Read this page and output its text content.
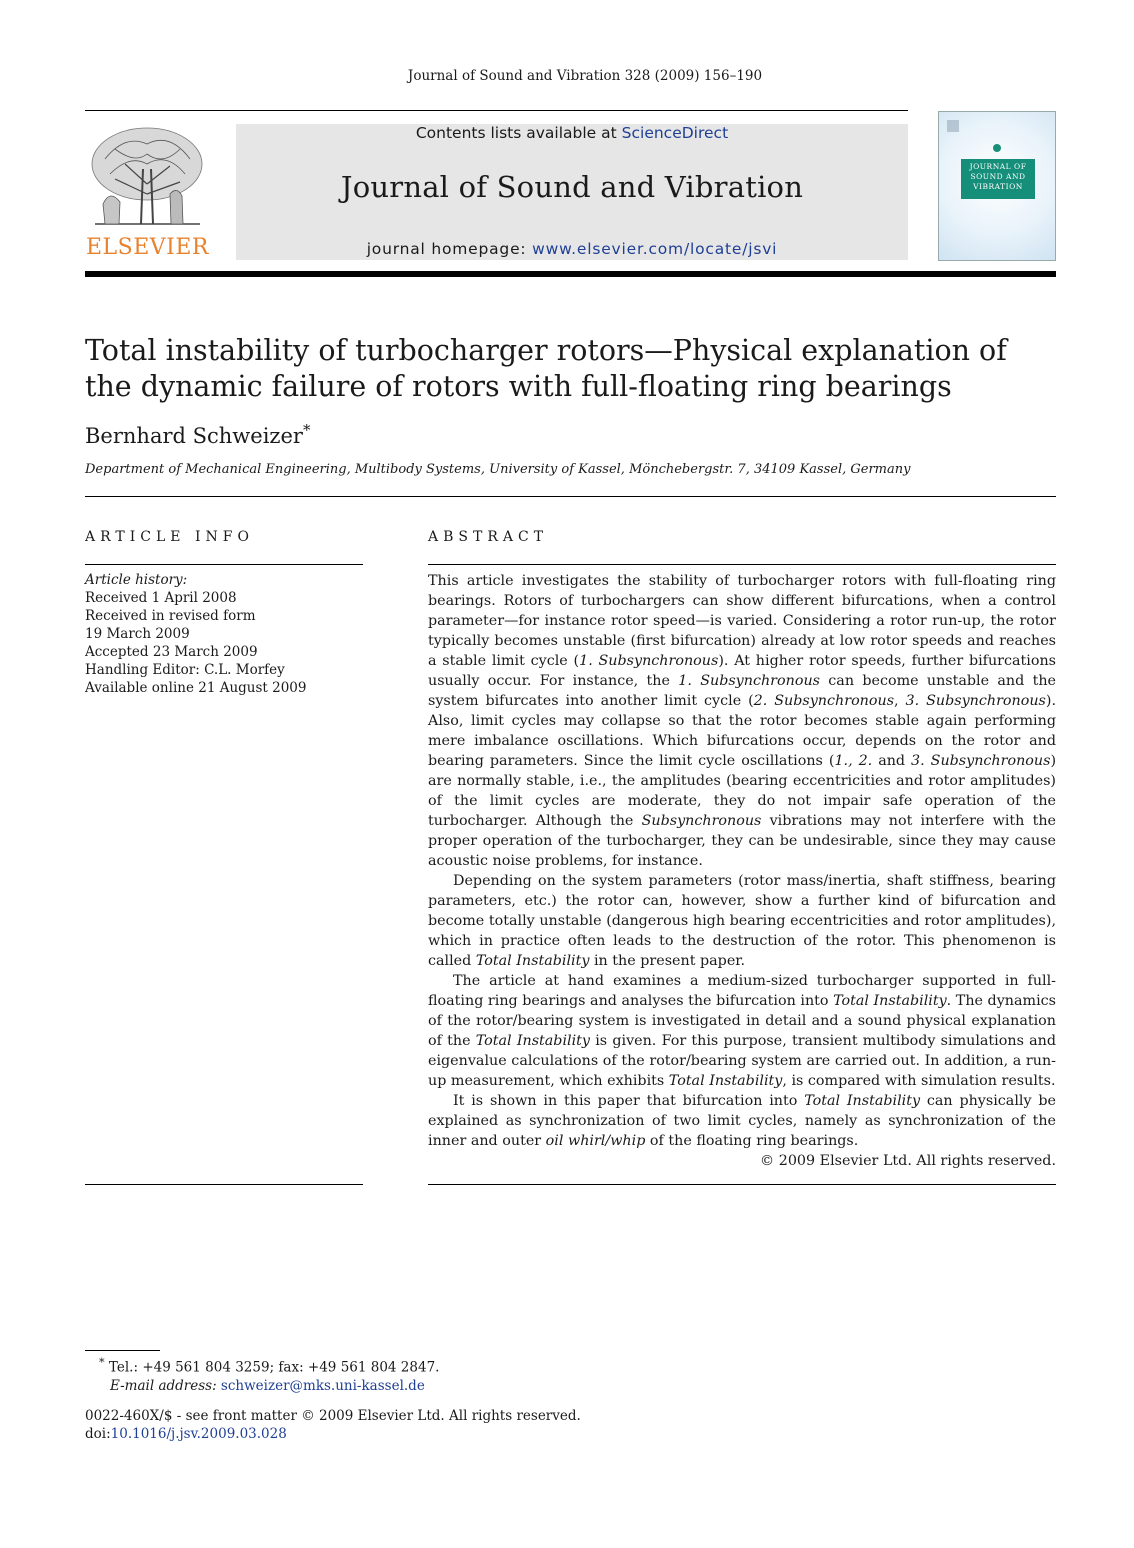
Journal of Sound and Vibration 328 (2009) 156–190
ELSEVIER
Contents lists available at ScienceDirect
Journal of Sound and Vibration
journal homepage: www.elsevier.com/locate/jsvi
JOURNAL OF SOUND AND VIBRATION
Total instability of turbocharger rotors—Physical explanation of the dynamic failure of rotors with full-floating ring bearings
Bernhard Schweizer*
Department of Mechanical Engineering, Multibody Systems, University of Kassel, Mönchebergstr. 7, 34109 Kassel, Germany
ARTICLE INFO	ABSTRACT
Article history:
Received 1 April 2008
Received in revised form
19 March 2009
Accepted 23 March 2009
Handling Editor: C.L. Morfey
Available online 21 August 2009

This article investigates the stability of turbocharger rotors with full-floating ring bearings. Rotors of turbochargers can show different bifurcations, when a control parameter—for instance rotor speed—is varied. Considering a rotor run-up, the rotor typically becomes unstable (first bifurcation) already at low rotor speeds and reaches a stable limit cycle (1. Subsynchronous). At higher rotor speeds, further bifurcations usually occur. For instance, the 1. Subsynchronous can become unstable and the system bifurcates into another limit cycle (2. Subsynchronous, 3. Subsynchronous). Also, limit cycles may collapse so that the rotor becomes stable again performing mere imbalance oscillations. Which bifurcations occur, depends on the rotor and bearing parameters. Since the limit cycle oscillations (1., 2. and 3. Subsynchronous) are normally stable, i.e., the amplitudes (bearing eccentricities and rotor amplitudes) of the limit cycles are moderate, they do not impair safe operation of the turbocharger. Although the Subsynchronous vibrations may not interfere with the proper operation of the turbocharger, they can be undesirable, since they may cause acoustic noise problems, for instance.

Depending on the system parameters (rotor mass/inertia, shaft stiffness, bearing parameters, etc.) the rotor can, however, show a further kind of bifurcation and become totally unstable (dangerous high bearing eccentricities and rotor amplitudes), which in practice often leads to the destruction of the rotor. This phenomenon is called Total Instability in the present paper.

The article at hand examines a medium-sized turbocharger supported in full-floating ring bearings and analyses the bifurcation into Total Instability. The dynamics of the rotor/bearing system is investigated in detail and a sound physical explanation of the Total Instability is given. For this purpose, transient multibody simulations and eigenvalue calculations of the rotor/bearing system are carried out. In addition, a run-up measurement, which exhibits Total Instability, is compared with simulation results.

It is shown in this paper that bifurcation into Total Instability can physically be explained as synchronization of two limit cycles, namely as synchronization of the inner and outer oil whirl/whip of the floating ring bearings.

© 2009 Elsevier Ltd. All rights reserved.

* Tel.: +49 561 804 3259; fax: +49 561 804 2847.
E-mail address: schweizer@mks.uni-kassel.de
0022-460X/$ - see front matter © 2009 Elsevier Ltd. All rights reserved.
doi:10.1016/j.jsv.2009.03.028
